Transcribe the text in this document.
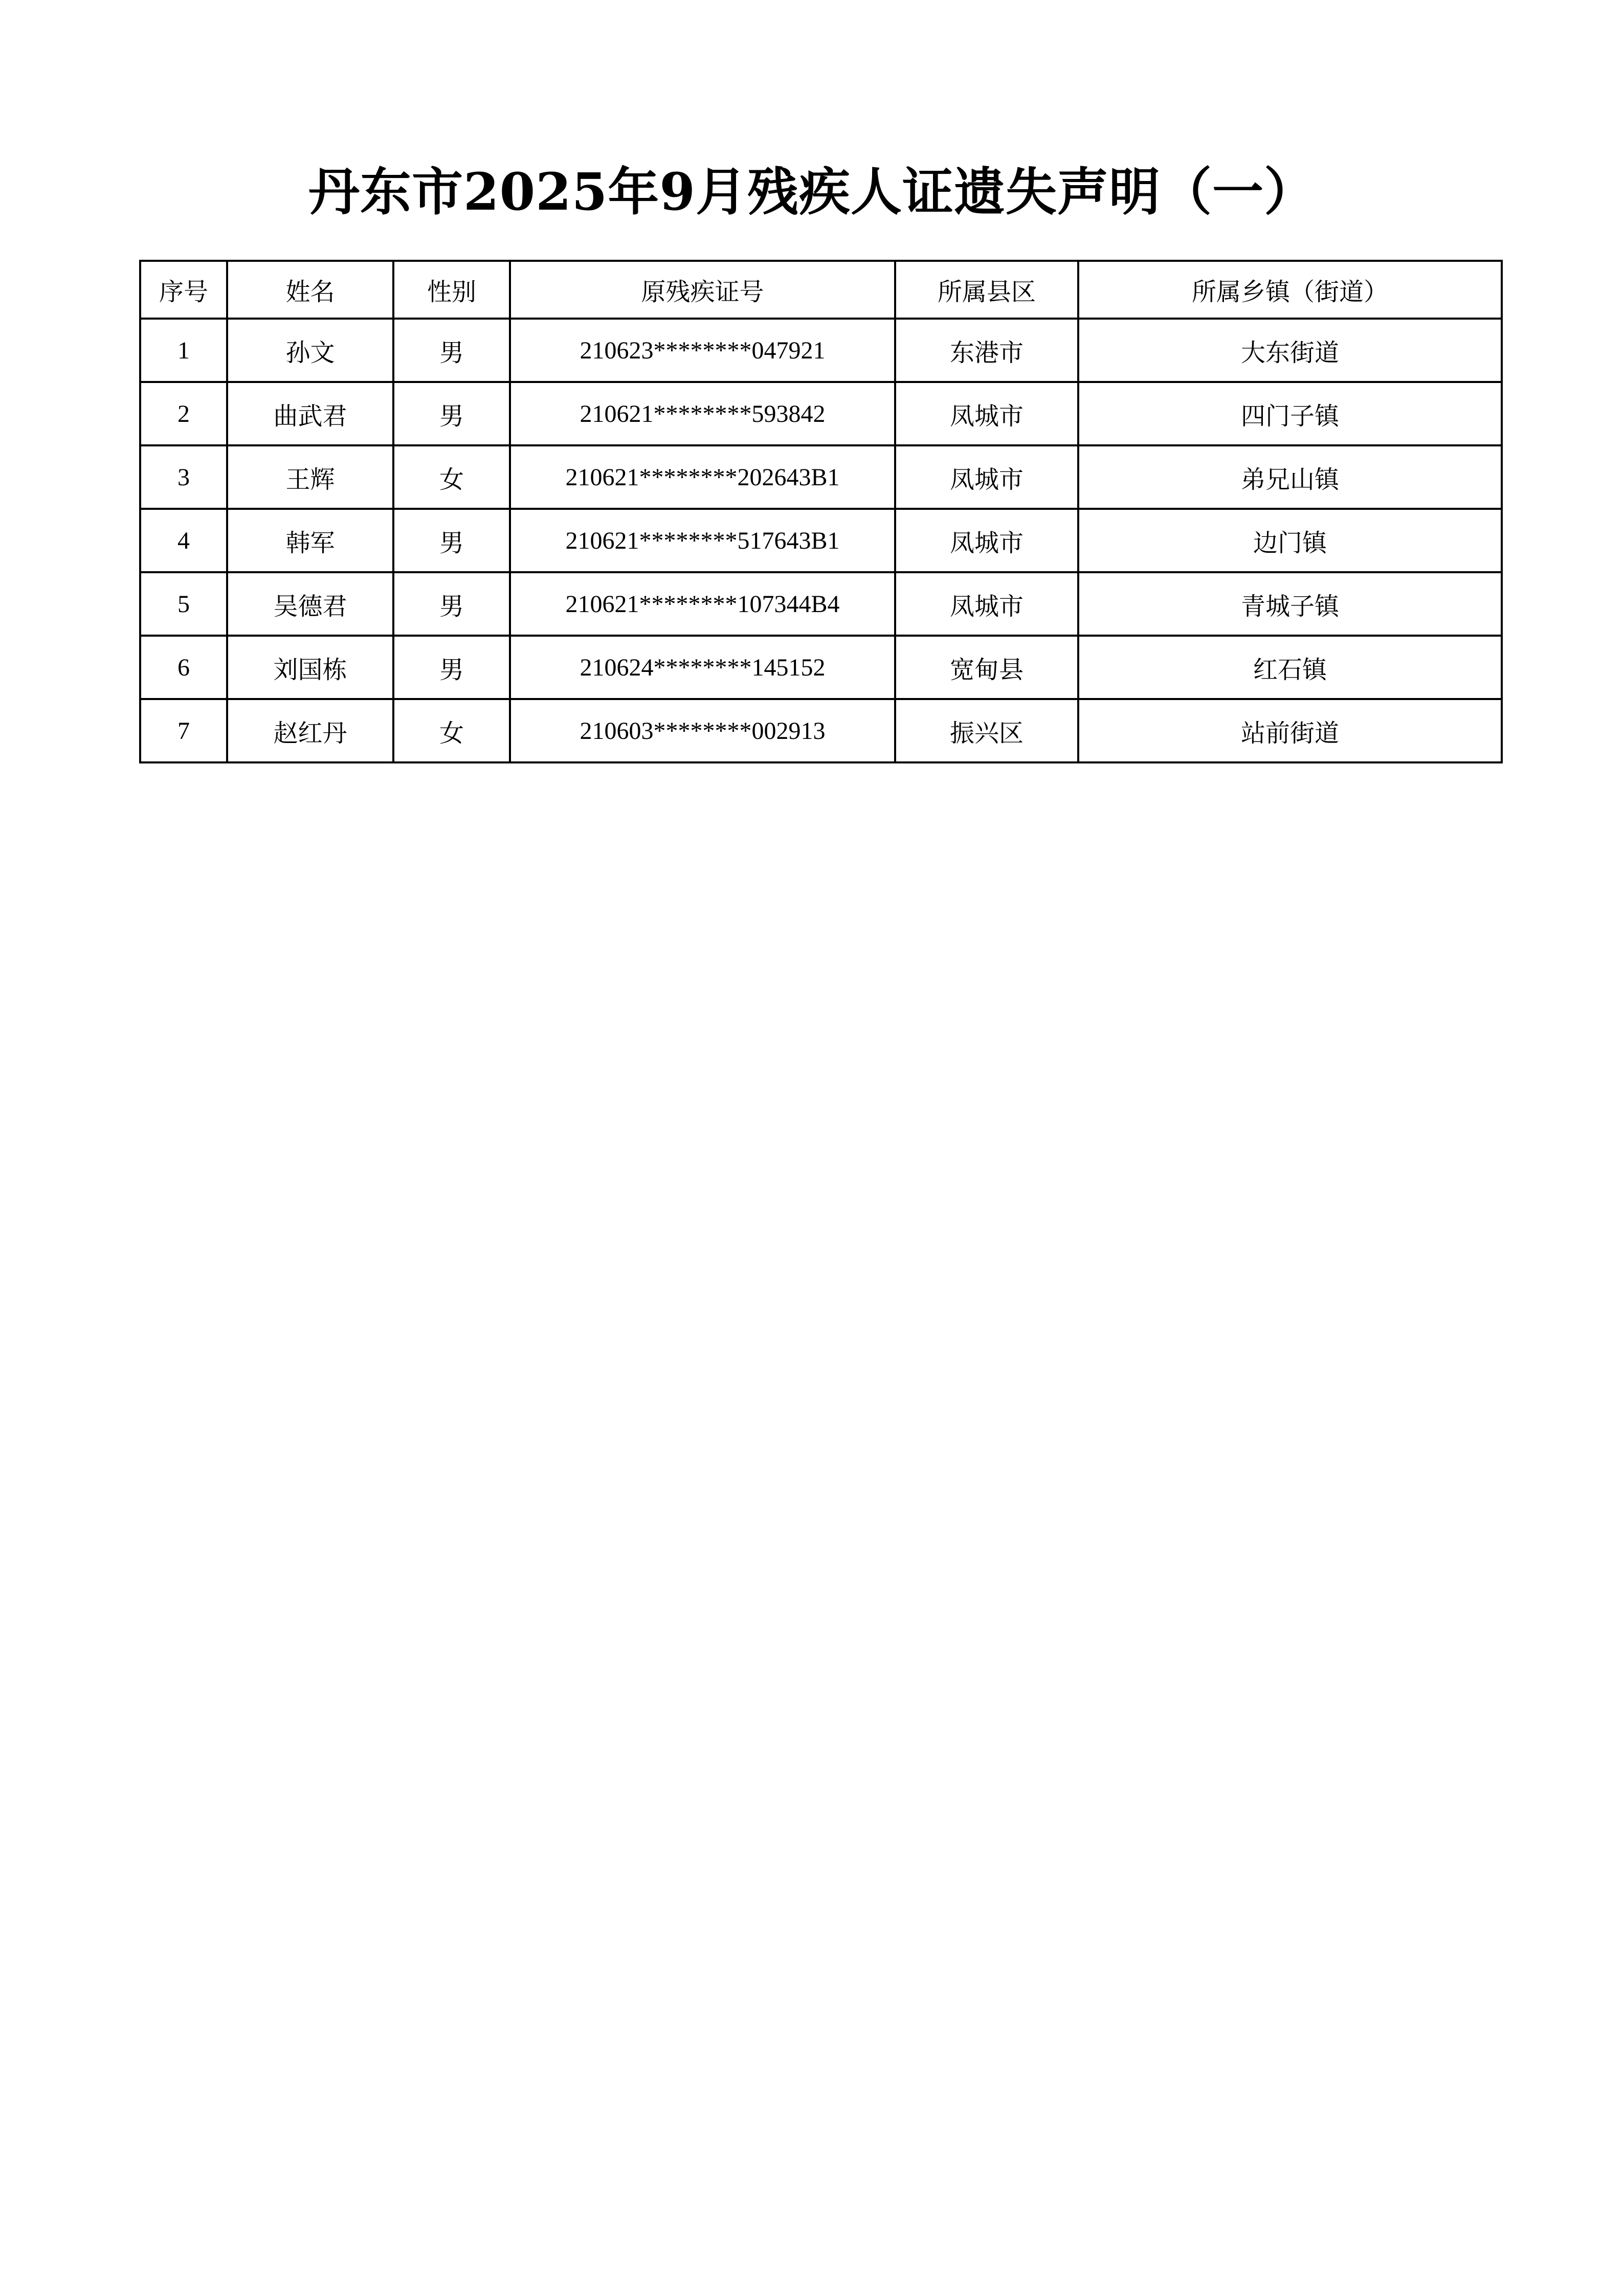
丹东市2025年9月残疾人证遗失声明（一）
序号	姓名	性别	原残疾证号	所属县区	所属乡镇（街道）
1	孙文	男	210623********047921	东港市	大东街道
2	曲武君	男	210621********593842	凤城市	四门子镇
3	王辉	女	210621********202643B1	凤城市	弟兄山镇
4	韩军	男	210621********517643B1	凤城市	边门镇
5	吴德君	男	210621********107344B4	凤城市	青城子镇
6	刘国栋	男	210624********145152	宽甸县	红石镇
7	赵红丹	女	210603********002913	振兴区	站前街道
